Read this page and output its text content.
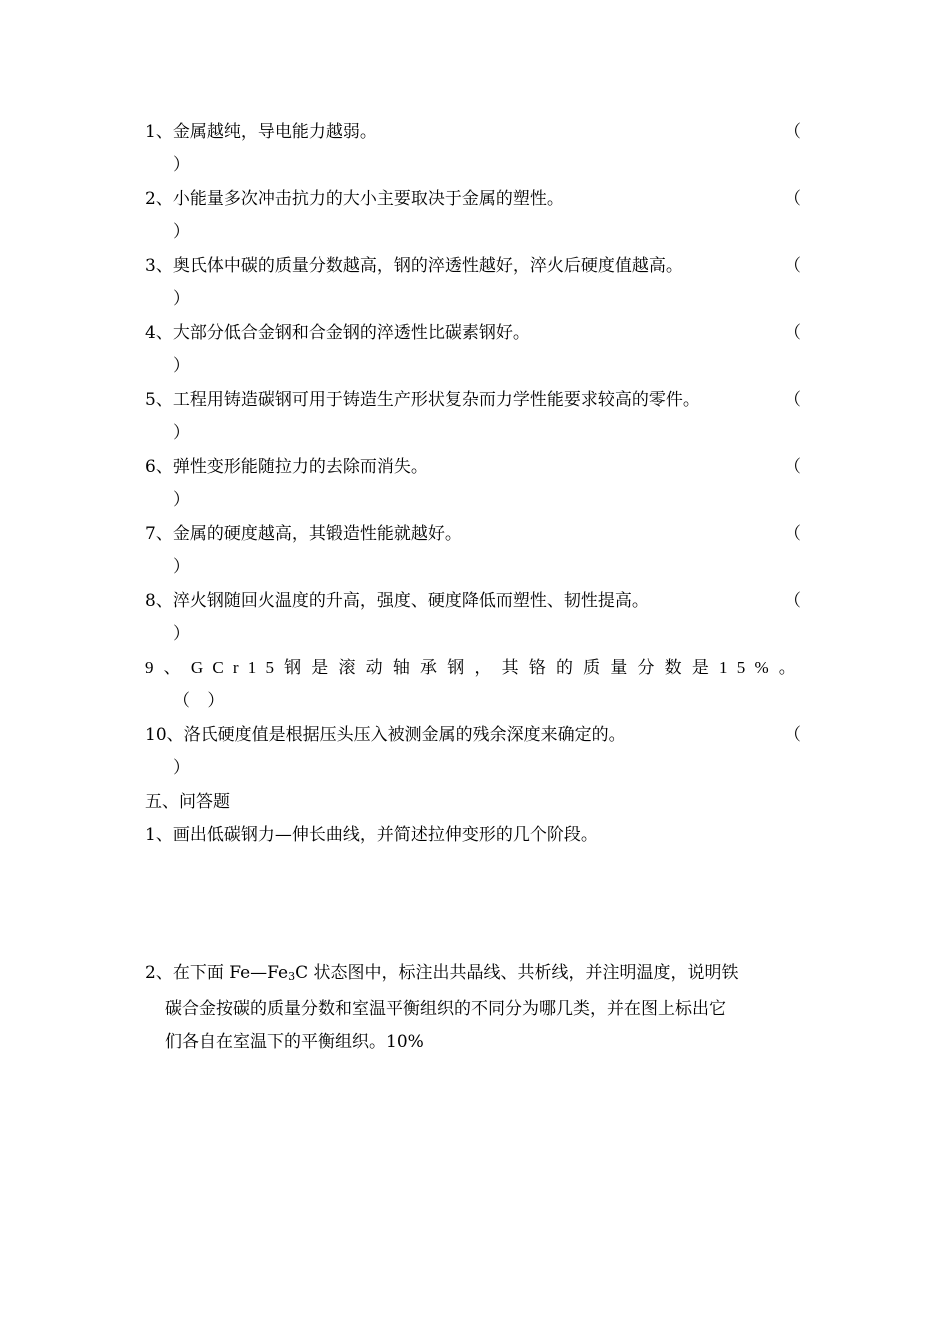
1、金属越纯，导电能力越弱。	（
）
2、小能量多次冲击抗力的大小主要取决于金属的塑性。	（
）
3、奥氏体中碳的质量分数越高，钢的淬透性越好，淬火后硬度值越高。	（
）
4、大部分低合金钢和合金钢的淬透性比碳素钢好。	（
）
5、工程用铸造碳钢可用于铸造生产形状复杂而力学性能要求较高的零件。	（
）
6、弹性变形能随拉力的去除而消失。	（
）
7、金属的硬度越高，其锻造性能就越好。	（
）
8、淬火钢随回火温度的升高，强度、硬度降低而塑性、韧性提高。	（
）
9、GCr15钢是滚动轴承钢，其铬的质量分数是15%。
（ ）
10、洛氏硬度值是根据压头压入被测金属的残余深度来确定的。	（
）
五、问答题
1、画出低碳钢力—伸长曲线，并简述拉伸变形的几个阶段。
2、在下面 $Fe—Fe_3C$ 状态图中，标注出共晶线、共析线，并注明温度，说明铁
碳合金按碳的质量分数和室温平衡组织的不同分为哪几类，并在图上标出它
们各自在室温下的平衡组织。10%
